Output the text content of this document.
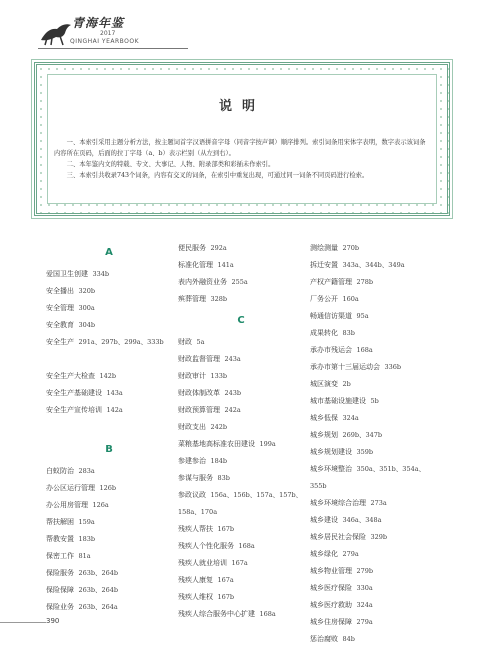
青海年鉴
2017
QINGHAI YEARBOOK
说明

一、本索引采用主题分析方法，按主题词首字汉语拼音字母（同音字按声调）顺序排列。索引词条用宋体字表明，数字表示该词条内容所在页码，后面的拉丁字母（a、b）表示栏别（从左到右）。

二、本年鉴内文的特载、专文、大事记、人物、附录部类和彩插未作索引。

三、本索引共收录743个词条，内容有交叉的词条，在索引中重复出现，可通过同一词条不同页码进行检索。

A
爱国卫生创建 334b
安全播出 320b
安全管理 300a
安全教育 304b
安全生产 291a、297b、299a、333b
安全生产大检查 142b
安全生产基础建设 143a
安全生产宣传培训 142a
B
白蚁防治 283a
办公区运行管理 126b
办公用房管理 126a
帮扶解困 159a
帮教安置 183b
保密工作 81a
保险服务 263b、264b
保险保障 263b、264b
保险业务 263b、264a
便民服务 292a
标准化管理 141a
表内外融资业务 255a
殡葬管理 328b
C
财政 5a
财政监督管理 243a
财政审计 133b
财政体制改革 243b
财政预算管理 242a
财政支出 242b
菜粮基地高标准农田建设 199a
参建参治 184b
参谋与服务 83b
参政议政 156a、156b、157a、157b、158a、170a
残疾人帮扶 167b
残疾人个性化服务 168a
残疾人就业培训 167a
残疾人康复 167a
残疾人维权 167b
残疾人综合服务中心扩建 168a
测绘测量 270b
拆迁安置 343a、344b、349a
产权产籍管理 278b
厂务公开 160a
畅通信访渠道 95a
成果转化 83b
承办市残运会 168a
承办市第十三届运动会 336b
城区演变 2b
城市基础设施建设 5b
城乡低保 324a
城乡规划 269b、347b
城乡规划建设 359b
城乡环境整治 350a、351b、354a、355b
城乡环境综合治理 273a
城乡建设 346a、348a
城乡居民社会保险 329b
城乡绿化 279a
城乡物业管理 279b
城乡医疗保险 330a
城乡医疗救助 324a
城乡住房保障 279a
惩治腐败 84b
390
